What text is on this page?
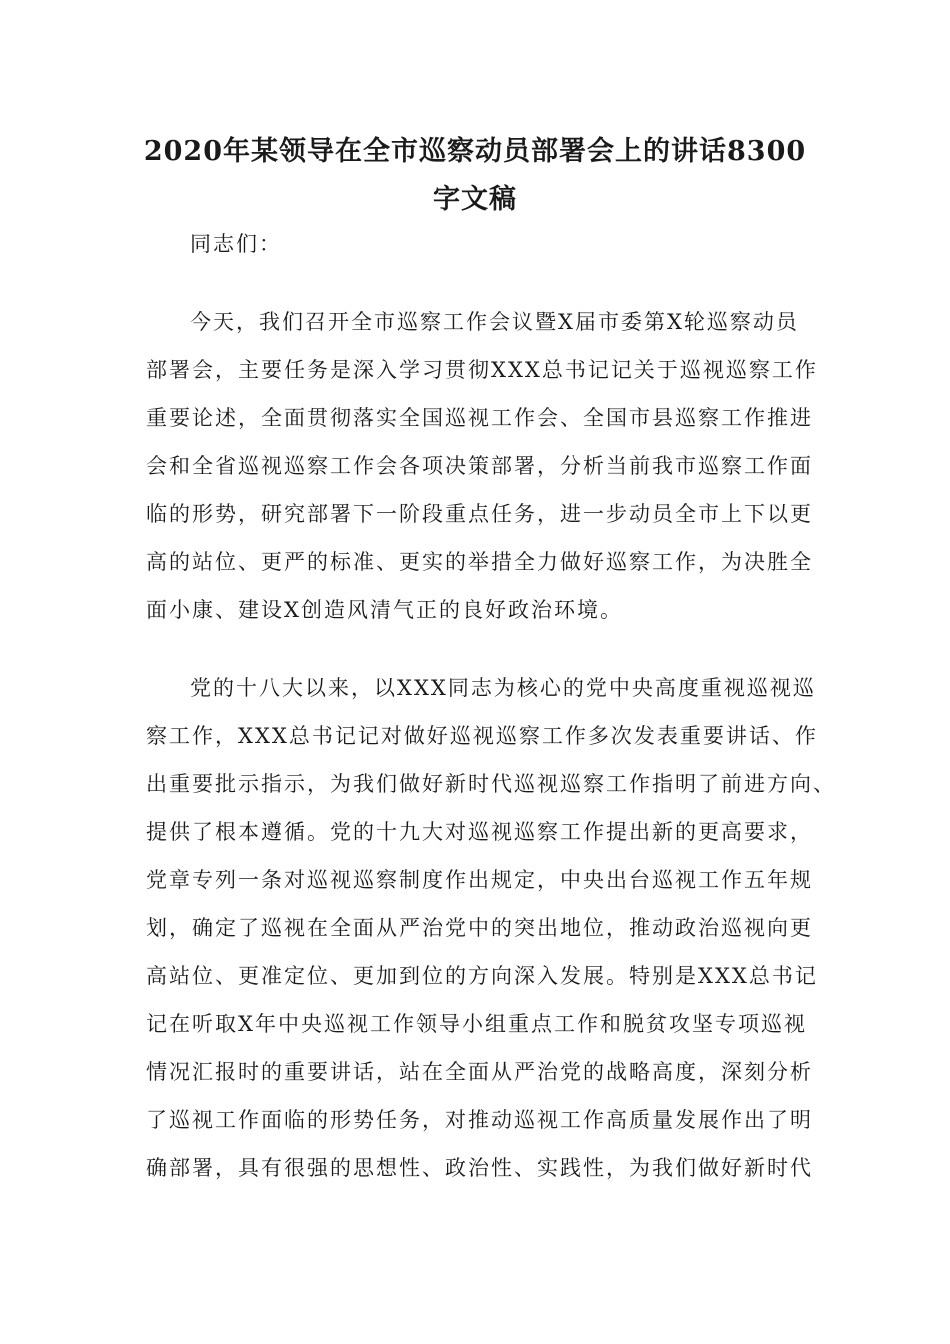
2020年某领导在全市巡察动员部署会上的讲话8300
字文稿
同志们：
今天，我们召开全市巡察工作会议暨X届市委第X轮巡察动员
部署会，主要任务是深入学习贯彻XXX总书记记关于巡视巡察工作
重要论述，全面贯彻落实全国巡视工作会、全国市县巡察工作推进
会和全省巡视巡察工作会各项决策部署，分析当前我市巡察工作面
临的形势，研究部署下一阶段重点任务，进一步动员全市上下以更
高的站位、更严的标准、更实的举措全力做好巡察工作，为决胜全
面小康、建设X创造风清气正的良好政治环境。
党的十八大以来，以XXX同志为核心的党中央高度重视巡视巡
察工作，XXX总书记记对做好巡视巡察工作多次发表重要讲话、作
出重要批示指示，为我们做好新时代巡视巡察工作指明了前进方向、
提供了根本遵循。党的十九大对巡视巡察工作提出新的更高要求，
党章专列一条对巡视巡察制度作出规定，中央出台巡视工作五年规
划，确定了巡视在全面从严治党中的突出地位，推动政治巡视向更
高站位、更准定位、更加到位的方向深入发展。特别是XXX总书记
记在听取X年中央巡视工作领导小组重点工作和脱贫攻坚专项巡视
情况汇报时的重要讲话，站在全面从严治党的战略高度，深刻分析
了巡视工作面临的形势任务，对推动巡视工作高质量发展作出了明
确部署，具有很强的思想性、政治性、实践性，为我们做好新时代
